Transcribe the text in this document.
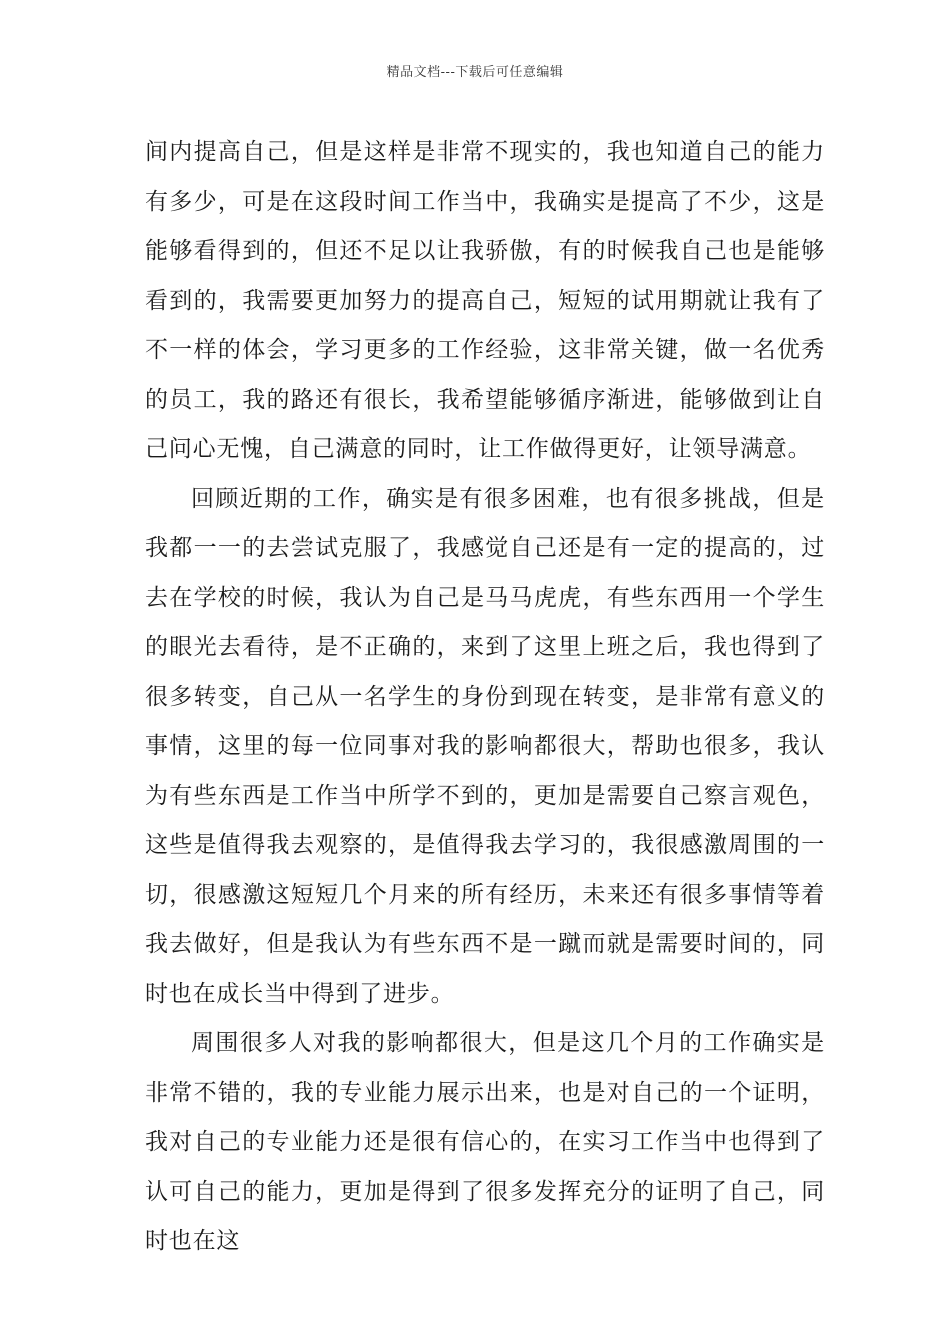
精品文档---下载后可任意编辑

间内提高自己，但是这样是非常不现实的，我也知道自己的能力有多少，可是在这段时间工作当中，我确实是提高了不少，这是能够看得到的，但还不足以让我骄傲，有的时候我自己也是能够看到的，我需要更加努力的提高自己，短短的试用期就让我有了不一样的体会，学习更多的工作经验，这非常关键，做一名优秀的员工，我的路还有很长，我希望能够循序渐进，能够做到让自己问心无愧，自己满意的同时，让工作做得更好，让领导满意。

回顾近期的工作，确实是有很多困难，也有很多挑战，但是我都一一的去尝试克服了，我感觉自己还是有一定的提高的，过去在学校的时候，我认为自己是马马虎虎，有些东西用一个学生的眼光去看待，是不正确的，来到了这里上班之后，我也得到了很多转变，自己从一名学生的身份到现在转变，是非常有意义的事情，这里的每一位同事对我的影响都很大，帮助也很多，我认为有些东西是工作当中所学不到的，更加是需要自己察言观色，这些是值得我去观察的，是值得我去学习的，我很感激周围的一切，很感激这短短几个月来的所有经历，未来还有很多事情等着我去做好，但是我认为有些东西不是一蹴而就是需要时间的，同时也在成长当中得到了进步。

周围很多人对我的影响都很大，但是这几个月的工作确实是非常不错的，我的专业能力展示出来，也是对自己的一个证明，我对自己的专业能力还是很有信心的，在实习工作当中也得到了认可自己的能力，更加是得到了很多发挥充分的证明了自己，同时也在这
